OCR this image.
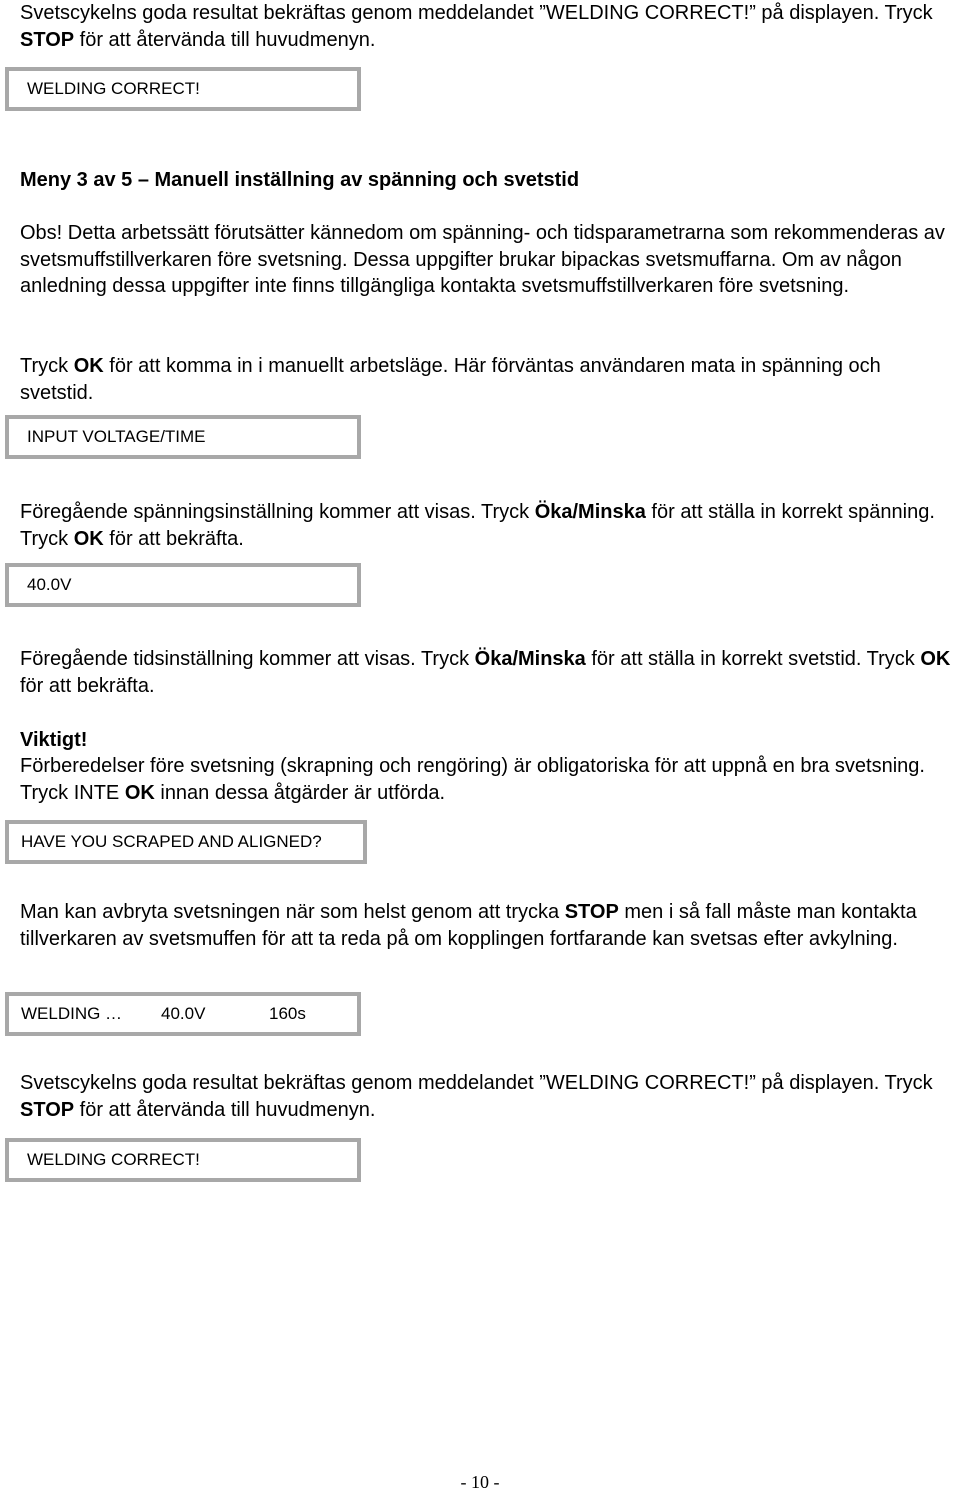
Svetscykelns goda resultat bekräftas genom meddelandet ”WELDING CORRECT!” på displayen. Tryck STOP för att återvända till huvudmenyn.

WELDING CORRECT!

Meny 3 av 5 – Manuell inställning av spänning och svetstid

Obs! Detta arbetssätt förutsätter kännedom om spänning- och tidsparametrarna som rekommenderas av svetsmuffstillverkaren före svetsning. Dessa uppgifter brukar bipackas svetsmuffarna. Om av någon anledning dessa uppgifter inte finns tillgängliga kontakta svetsmuffstillverkaren före svetsning.

Tryck OK för att komma in i manuellt arbetsläge. Här förväntas användaren mata in spänning och svetstid.

INPUT VOLTAGE/TIME

Föregående spänningsinställning kommer att visas. Tryck Öka/Minska för att ställa in korrekt spänning. Tryck OK för att bekräfta.

40.0V

Föregående tidsinställning kommer att visas. Tryck Öka/Minska för att ställa in korrekt svetstid. Tryck OK för att bekräfta.

Viktigt!

Förberedelser före svetsning (skrapning och rengöring) är obligatoriska för att uppnå en bra svetsning. Tryck INTE OK innan dessa åtgärder är utförda.

HAVE YOU SCRAPED AND ALIGNED?

Man kan avbryta svetsningen när som helst genom att trycka STOP men i så fall måste man kontakta tillverkaren av svetsmuffen för att ta reda på om kopplingen fortfarande kan svetsas efter avkylning.

WELDING … 40.0V	160s

Svetscykelns goda resultat bekräftas genom meddelandet ”WELDING CORRECT!” på displayen. Tryck STOP för att återvända till huvudmenyn.

WELDING CORRECT!

- 10 -
